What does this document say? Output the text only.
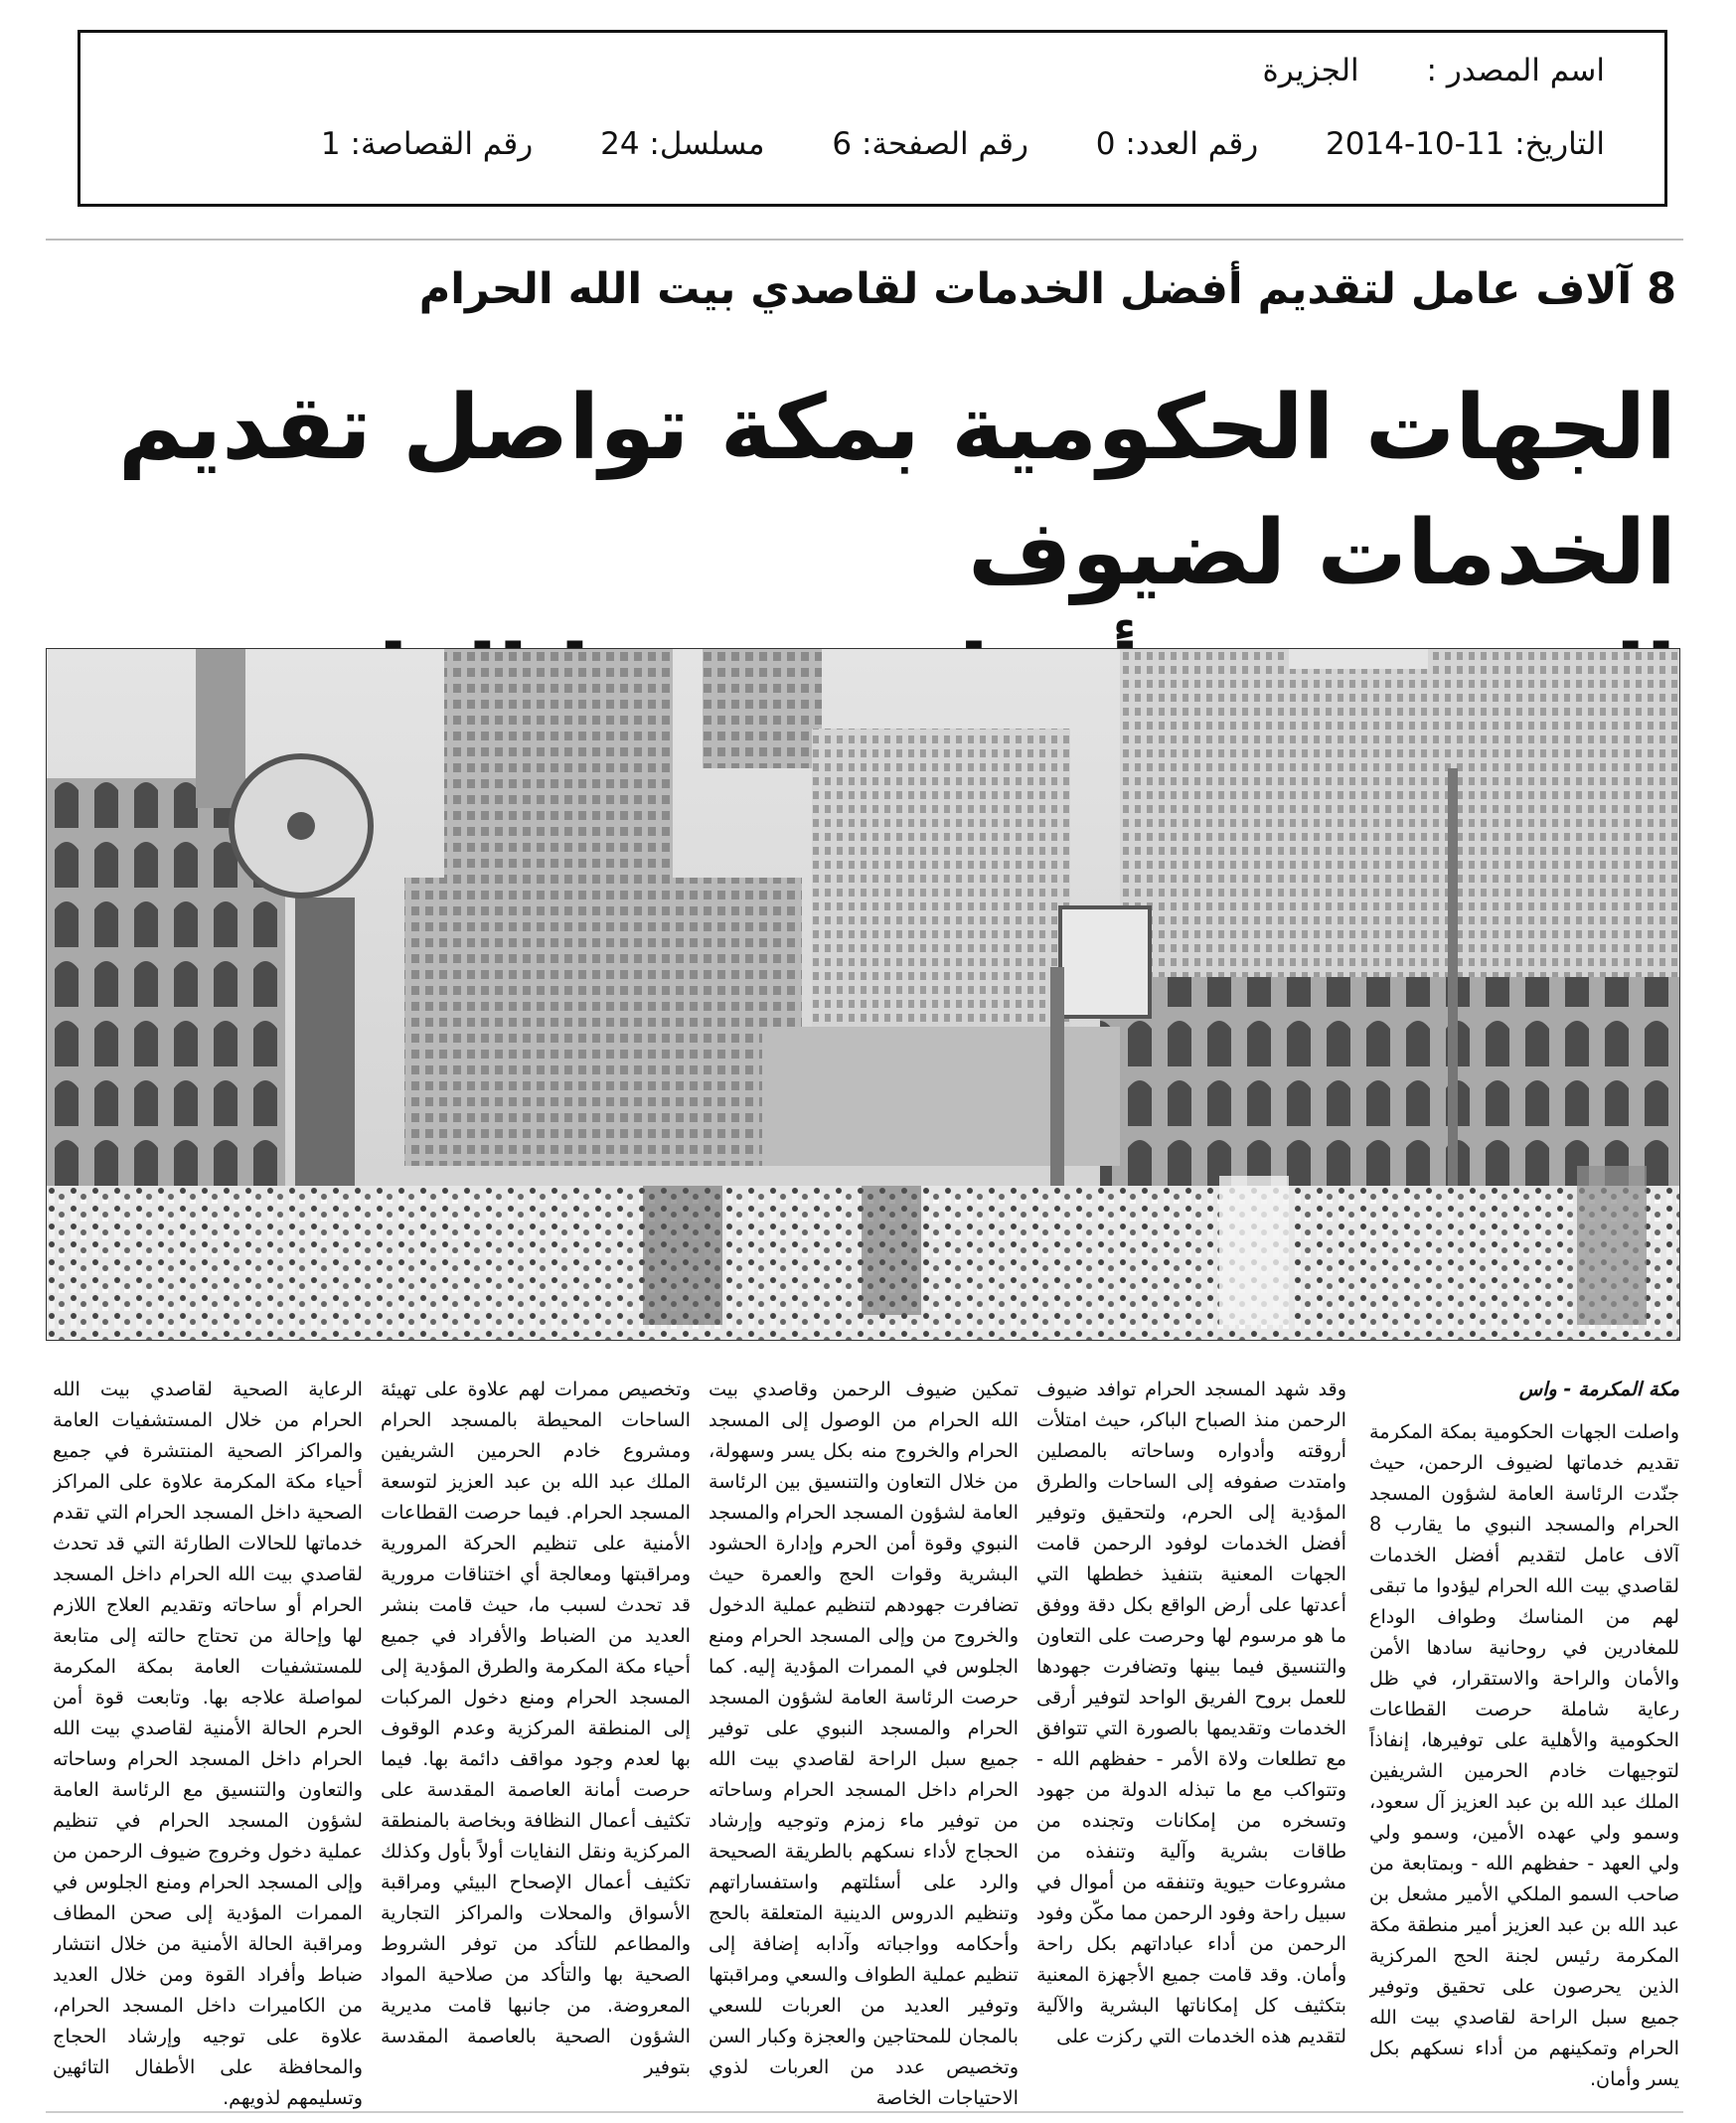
اسم المصدر : الجزيرة
التاريخ: 11-10-2014 رقم العدد: 0 رقم الصفحة: 6 مسلسل: 24 رقم القصاصة: 1
8 آلاف عامل لتقديم أفضل الخدمات لقاصدي بيت الله الحرام
الجهات الحكومية بمكة تواصل تقديم الخدمات لضيوف
مكة المكرمة - واس

واصلت الجهات الحكومية بمكة المكرمة تقديم خدماتها لضيوف الرحمن، حيث جنّدت الرئاسة العامة لشؤون المسجد الحرام والمسجد النبوي ما يقارب 8 آلاف عامل لتقديم أفضل الخدمات لقاصدي بيت الله الحرام ليؤدوا ما تبقى لهم من المناسك وطواف الوداع للمغادرين في روحانية سادها الأمن والأمان والراحة والاستقرار، في ظل رعاية شاملة حرصت القطاعات الحكومية والأهلية على توفيرها، إنفاذاً لتوجيهات خادم الحرمين الشريفين الملك عبد الله بن عبد العزيز آل سعود، وسمو ولي عهده الأمين، وسمو ولي ولي العهد - حفظهم الله - وبمتابعة من صاحب السمو الملكي الأمير مشعل بن عبد الله بن عبد العزيز أمير منطقة مكة المكرمة رئيس لجنة الحج المركزية الذين يحرصون على تحقيق وتوفير جميع سبل الراحة لقاصدي بيت الله الحرام وتمكينهم من أداء نسكهم بكل يسر وأمان.

وقد شهد المسجد الحرام توافد ضيوف الرحمن منذ الصباح الباكر، حيث امتلأت أروقته وأدواره وساحاته بالمصلين وامتدت صفوفه إلى الساحات والطرق المؤدية إلى الحرم، ولتحقيق وتوفير أفضل الخدمات لوفود الرحمن قامت الجهات المعنية بتنفيذ خططها التي أعدتها على أرض الواقع بكل دقة ووفق ما هو مرسوم لها وحرصت على التعاون والتنسيق فيما بينها وتضافرت جهودها للعمل بروح الفريق الواحد لتوفير أرقى الخدمات وتقديمها بالصورة التي تتوافق مع تطلعات ولاة الأمر - حفظهم الله - وتتواكب مع ما تبذله الدولة من جهود وتسخره من إمكانات وتجنده من طاقات بشرية وآلية وتنفذه من مشروعات حيوية وتنفقه من أموال في سبيل راحة وفود الرحمن مما مكّن وفود الرحمن من أداء عباداتهم بكل راحة وأمان. وقد قامت جميع الأجهزة المعنية بتكثيف كل إمكاناتها البشرية والآلية لتقديم هذه الخدمات التي ركزت على

تمكين ضيوف الرحمن وقاصدي بيت الله الحرام من الوصول إلى المسجد الحرام والخروج منه بكل يسر وسهولة، من خلال التعاون والتنسيق بين الرئاسة العامة لشؤون المسجد الحرام والمسجد النبوي وقوة أمن الحرم وإدارة الحشود البشرية وقوات الحج والعمرة حيث تضافرت جهودهم لتنظيم عملية الدخول والخروج من وإلى المسجد الحرام ومنع الجلوس في الممرات المؤدية إليه. كما حرصت الرئاسة العامة لشؤون المسجد الحرام والمسجد النبوي على توفير جميع سبل الراحة لقاصدي بيت الله الحرام داخل المسجد الحرام وساحاته من توفير ماء زمزم وتوجيه وإرشاد الحجاج لأداء نسكهم بالطريقة الصحيحة والرد على أسئلتهم واستفساراتهم وتنظيم الدروس الدينية المتعلقة بالحج وأحكامه وواجباته وآدابه إضافة إلى تنظيم عملية الطواف والسعي ومراقبتها وتوفير العديد من العربات للسعي بالمجان للمحتاجين والعجزة وكبار السن وتخصيص عدد من العربات لذوي الاحتياجات الخاصة

وتخصيص ممرات لهم علاوة على تهيئة الساحات المحيطة بالمسجد الحرام ومشروع خادم الحرمين الشريفين الملك عبد الله بن عبد العزيز لتوسعة المسجد الحرام. فيما حرصت القطاعات الأمنية على تنظيم الحركة المرورية ومراقبتها ومعالجة أي اختناقات مرورية قد تحدث لسبب ما، حيث قامت بنشر العديد من الضباط والأفراد في جميع أحياء مكة المكرمة والطرق المؤدية إلى المسجد الحرام ومنع دخول المركبات إلى المنطقة المركزية وعدم الوقوف بها لعدم وجود مواقف دائمة بها. فيما حرصت أمانة العاصمة المقدسة على تكثيف أعمال النظافة وبخاصة بالمنطقة المركزية ونقل النفايات أولاً بأول وكذلك تكثيف أعمال الإصحاح البيئي ومراقبة الأسواق والمحلات والمراكز التجارية والمطاعم للتأكد من توفر الشروط الصحية بها والتأكد من صلاحية المواد المعروضة. من جانبها قامت مديرية الشؤون الصحية بالعاصمة المقدسة بتوفير

الرعاية الصحية لقاصدي بيت الله الحرام من خلال المستشفيات العامة والمراكز الصحية المنتشرة في جميع أحياء مكة المكرمة علاوة على المراكز الصحية داخل المسجد الحرام التي تقدم خدماتها للحالات الطارئة التي قد تحدث لقاصدي بيت الله الحرام داخل المسجد الحرام أو ساحاته وتقديم العلاج اللازم لها وإحالة من تحتاج حالته إلى متابعة للمستشفيات العامة بمكة المكرمة لمواصلة علاجه بها. وتابعت قوة أمن الحرم الحالة الأمنية لقاصدي بيت الله الحرام داخل المسجد الحرام وساحاته والتعاون والتنسيق مع الرئاسة العامة لشؤون المسجد الحرام في تنظيم عملية دخول وخروج ضيوف الرحمن من وإلى المسجد الحرام ومنع الجلوس في الممرات المؤدية إلى صحن المطاف ومراقبة الحالة الأمنية من خلال انتشار ضباط وأفراد القوة ومن خلال العديد من الكاميرات داخل المسجد الحرام، علاوة على توجيه وإرشاد الحجاج والمحافظة على الأطفال التائهين وتسليمهم لذويهم.
